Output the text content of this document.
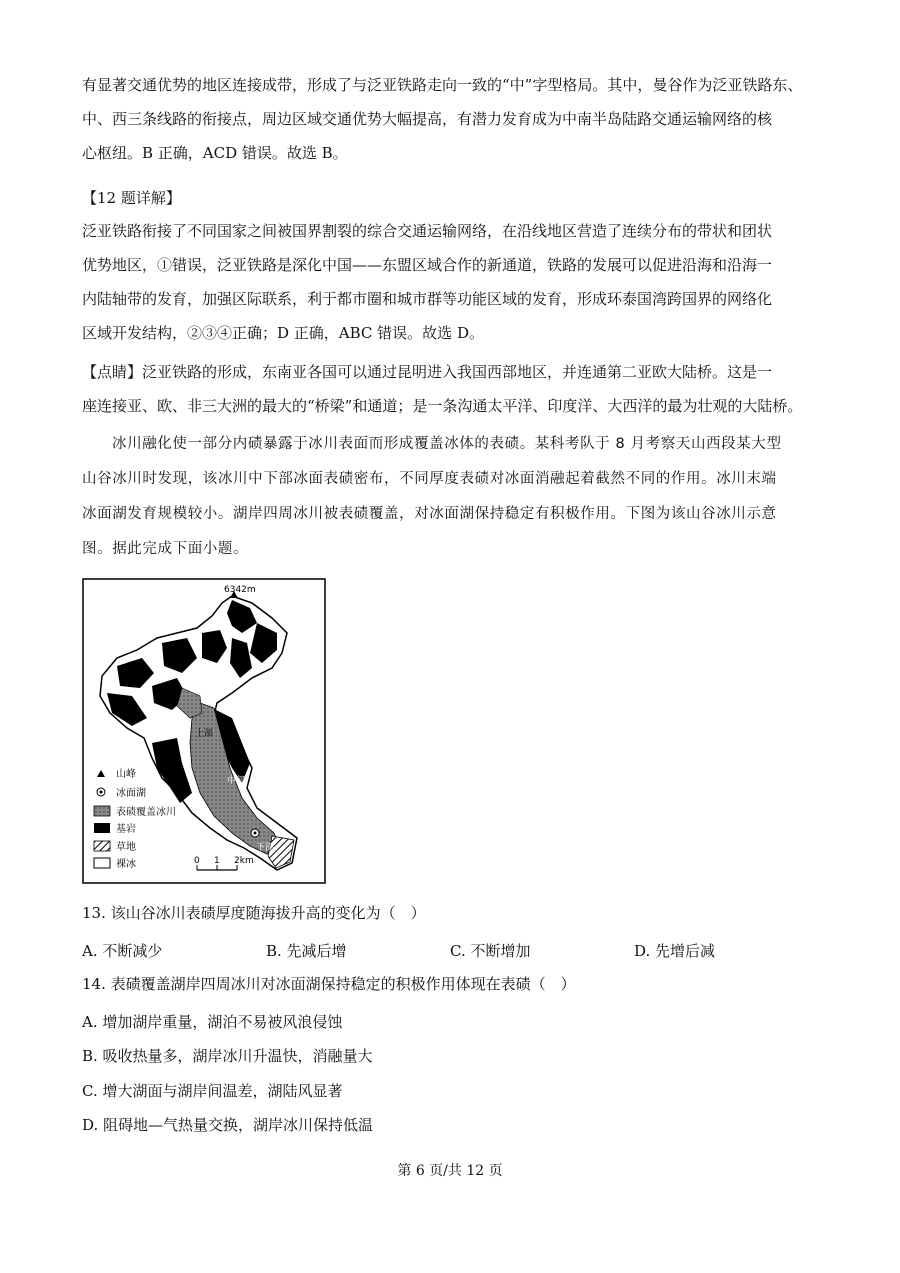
有显著交通优势的地区连接成带，形成了与泛亚铁路走向一致的“中”字型格局。其中，曼谷作为泛亚铁路东、
中、西三条线路的衔接点，周边区域交通优势大幅提高，有潜力发育成为中南半岛陆路交通运输网络的核
心枢纽。B 正确，ACD 错误。故选 B。
【12 题详解】
泛亚铁路衔接了不同国家之间被国界割裂的综合交通运输网络，在沿线地区营造了连续分布的带状和团状
优势地区，①错误，泛亚铁路是深化中国——东盟区域合作的新通道，铁路的发展可以促进沿海和沿海一
内陆轴带的发育，加强区际联系，利于都市圈和城市群等功能区域的发育，形成环泰国湾跨国界的网络化
区域开发结构，②③④正确；D 正确，ABC 错误。故选 D。
【点睛】泛亚铁路的形成，东南亚各国可以通过昆明进入我国西部地区，并连通第二亚欧大陆桥。这是一
座连接亚、欧、非三大洲的最大的“桥梁”和通道；是一条沟通太平洋、印度洋、大西洋的最为壮观的大陆桥。
冰川融化使一部分内碛暴露于冰川表面而形成覆盖冰体的表碛。某科考队于 8 月考察天山西段某大型
山谷冰川时发现，该冰川中下部冰面表碛密布，不同厚度表碛对冰面消融起着截然不同的作用。冰川末端
冰面湖发育规模较小。湖岸四周冰川被表碛覆盖，对冰面湖保持稳定有积极作用。下图为该山谷冰川示意
图。据此完成下面小题。
6342m
上部
中部
下部
山峰
冰面湖
表碛覆盖冰川
基岩
草地
裸冰	0 1 2km
13. 该山谷冰川表碛厚度随海拔升高的变化为（　）
A. 不断减少	B. 先减后增	C. 不断增加	D. 先增后减
14. 表碛覆盖湖岸四周冰川对冰面湖保持稳定的积极作用体现在表碛（　）
A. 增加湖岸重量，湖泊不易被风浪侵蚀
B. 吸收热量多，湖岸冰川升温快，消融量大
C. 增大湖面与湖岸间温差，湖陆风显著
D. 阻碍地—气热量交换，湖岸冰川保持低温
第 6 页/共 12 页
